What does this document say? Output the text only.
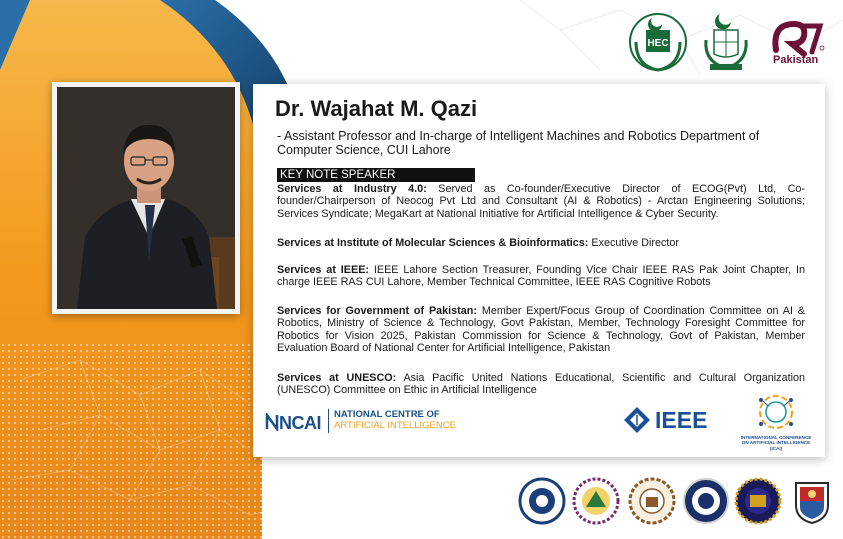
HEC
Pakistan
Dr. Wajahat M. Qazi
- Assistant Professor and In-charge of Intelligent Machines and Robotics Department of Computer Science, CUI Lahore
KEY NOTE SPEAKER
Services at Industry 4.0: Served as Co-founder/Executive Director of ECOG(Pvt) Ltd, Co-founder/Chairperson of Neocog Pvt Ltd and Consultant (AI & Robotics) - Arctan Engineering Solutions; Services Syndicate; MegaKart at National Initiative for Artificial Intelligence & Cyber Security.
Services at Institute of Molecular Sciences & Bioinformatics: Executive Director
Services at IEEE: IEEE Lahore Section Treasurer, Founding Vice Chair IEEE RAS Pak Joint Chapter, In charge IEEE RAS CUI Lahore, Member Technical Committee, IEEE RAS Cognitive Robots
Services for Government of Pakistan: Member Expert/Focus Group of Coordination Committee on AI & Robotics, Ministry of Science & Technology, Govt Pakistan, Member, Technology Foresight Committee for Robotics for Vision 2025, Pakistan Commission for Science & Technology, Govt of Pakistan, Member Evaluation Board of National Center for Artificial Intelligence, Pakistan
Services at UNESCO: Asia Pacific United Nations Educational, Scientific and Cultural Organization (UNESCO) Committee on Ethic in Artificial Intelligence
NCAI NATIONAL CENTRE OF
ARTIFICIAL INTELLIGENCE	IEEE
INTERNATIONAL CONFERENCE
ON ARTIFICIAL INTELLIGENCE (ICAI)
